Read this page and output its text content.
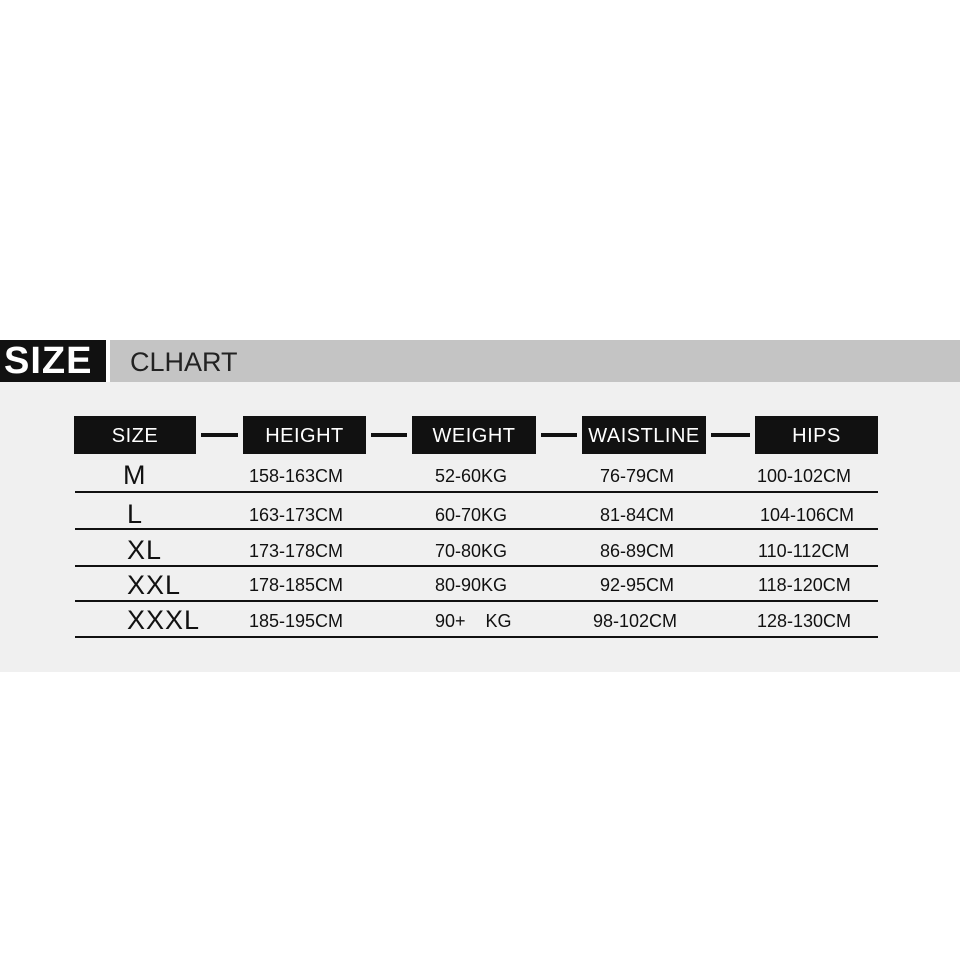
SIZE	CLHART
SIZE	HEIGHT	WEIGHT	WAISTLINE	HIPS
M	158-163CM	52-60KG	76-79CM	100-102CM
L	163-173CM	60-70KG	81-84CM	104-106CM
XL	173-178CM	70-80KG	86-89CM	110-112CM
XXL	178-185CM	80-90KG	92-95CM	118-120CM
XXXL	185-195CM	90+    KG	98-102CM	128-130CM
